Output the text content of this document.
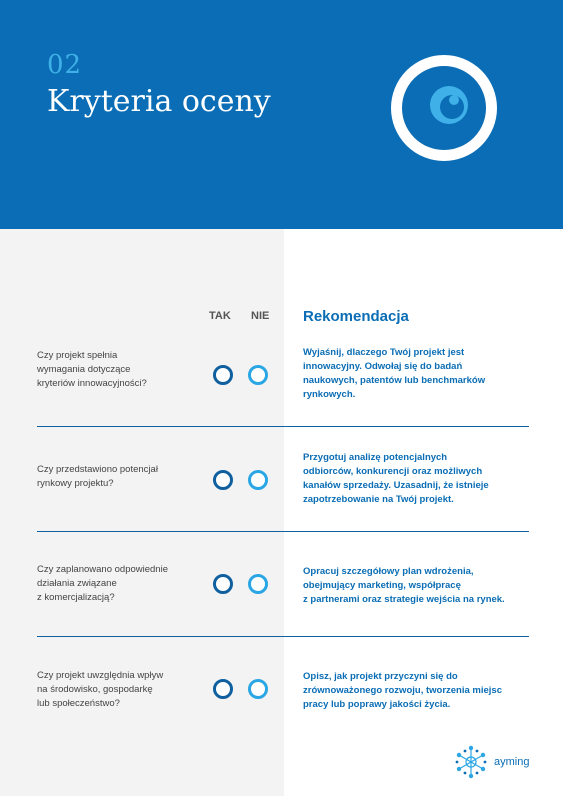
02
Kryteria oceny
TAK NIE Rekomendacja
Czy projekt spełnia
wymagania dotyczące
kryteriów innowacyjności?
Wyjaśnij, dlaczego Twój projekt jest
innowacyjny. Odwołaj się do badań
naukowych, patentów lub benchmarków
rynkowych.
Czy przedstawiono potencjał
rynkowy projektu?
Przygotuj analizę potencjalnych
odbiorców, konkurencji oraz możliwych
kanałów sprzedaży. Uzasadnij, że istnieje
zapotrzebowanie na Twój projekt.
Czy zaplanowano odpowiednie
działania związane
z komercjalizacją?
Opracuj szczegółowy plan wdrożenia,
obejmujący marketing, współpracę
z partnerami oraz strategie wejścia na rynek.
Czy projekt uwzględnia wpływ
na środowisko, gospodarkę
lub społeczeństwo?
Opisz, jak projekt przyczyni się do
zrównoważonego rozwoju, tworzenia miejsc
pracy lub poprawy jakości życia.
ayming
